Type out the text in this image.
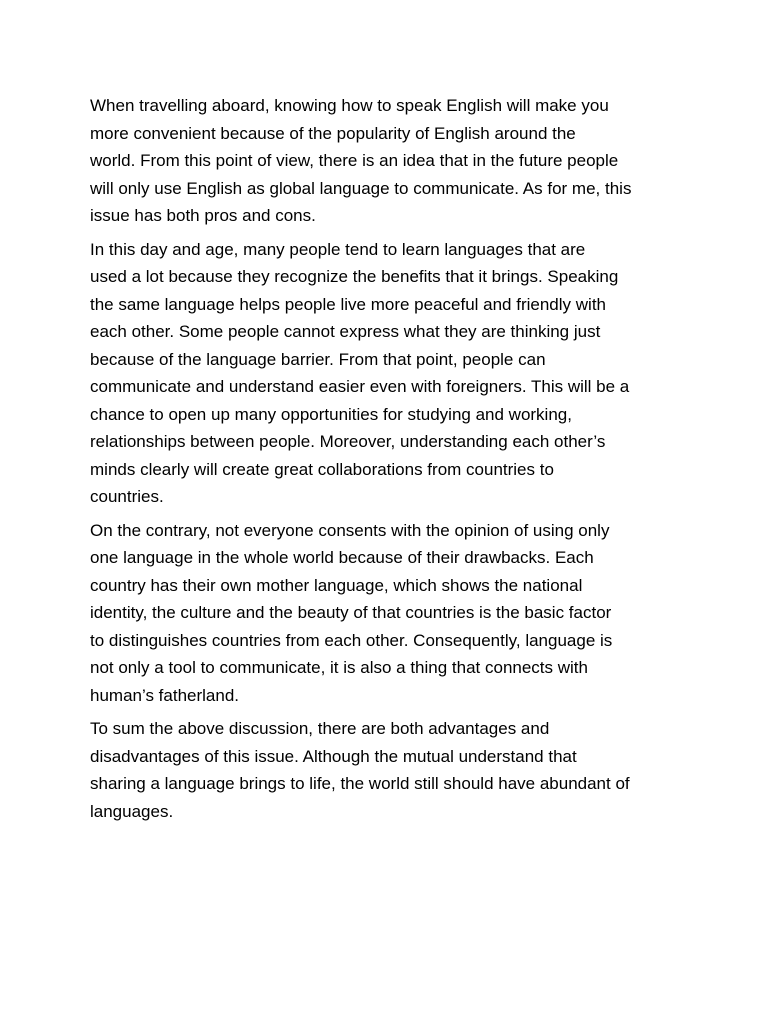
When travelling aboard, knowing how to speak English will make you
more convenient because of the popularity of English around the
world. From this point of view, there is an idea that in the future people
will only use English as global language to communicate. As for me, this
issue has both pros and cons.
In this day and age, many people tend to learn languages that are
used a lot because they recognize the benefits that it brings. Speaking
the same language helps people live more peaceful and friendly with
each other. Some people cannot express what they are thinking just
because of the language barrier. From that point, people can
communicate and understand easier even with foreigners. This will be a
chance to open up many opportunities for studying and working,
relationships between people. Moreover, understanding each other’s
minds clearly will create great collaborations from countries to
countries.
On the contrary, not everyone consents with the opinion of using only
one language in the whole world because of their drawbacks. Each
country has their own mother language, which shows the national
identity, the culture and the beauty of that countries is the basic factor
to distinguishes countries from each other. Consequently, language is
not only a tool to communicate, it is also a thing that connects with
human’s fatherland.
To sum the above discussion, there are both advantages and
disadvantages of this issue. Although the mutual understand that
sharing a language brings to life, the world still should have abundant of
languages.
